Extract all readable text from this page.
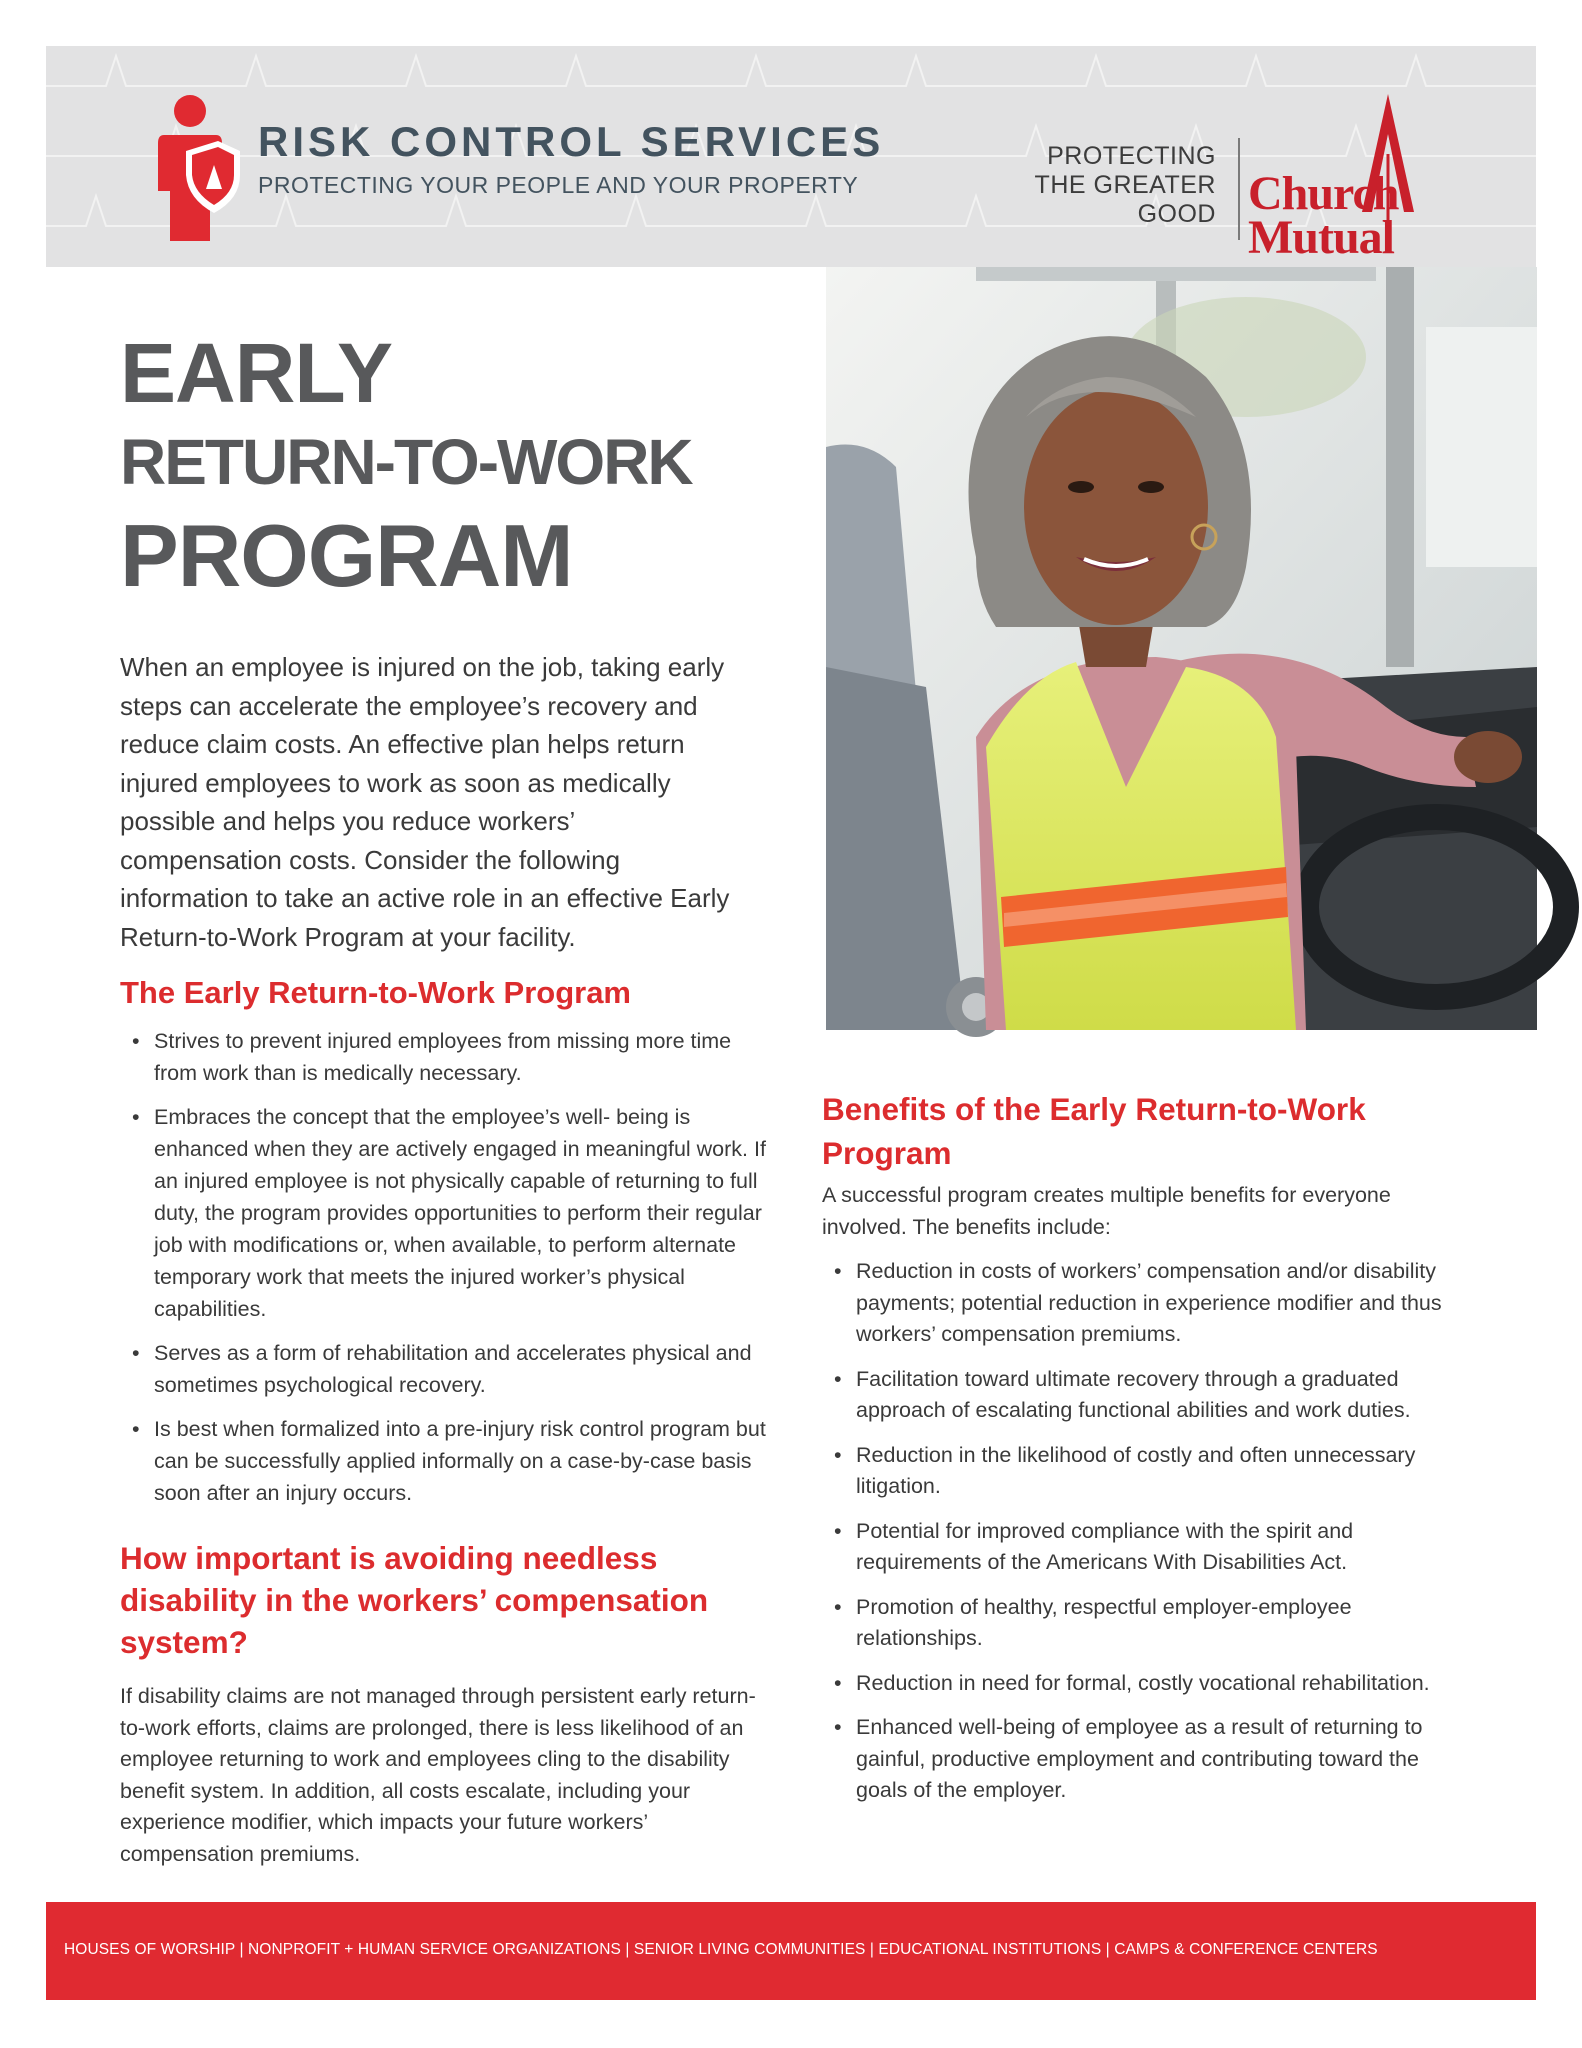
RISK CONTROL SERVICES
PROTECTING YOUR PEOPLE AND YOUR PROPERTY
PROTECTING
THE GREATER
GOOD Church
Mutual
EARLY
RETURN-TO-WORK
PROGRAM
When an employee is injured on the job, taking early steps can accelerate the employee’s recovery and reduce claim costs. An effective plan helps return injured employees to work as soon as medically possible and helps you reduce workers’ compensation costs. Consider the following information to take an active role in an effective Early Return-to-Work Program at your facility.
The Early Return-to-Work Program
• Strives to prevent injured employees from missing more time from work than is medically necessary.
• Embraces the concept that the employee’s well- being is enhanced when they are actively engaged in meaningful work. If an injured employee is not physically capable of returning to full duty, the program provides opportunities to perform their regular job with modifications or, when available, to perform alternate temporary work that meets the injured worker’s physical capabilities.
• Serves as a form of rehabilitation and accelerates physical and sometimes psychological recovery.
• Is best when formalized into a pre-injury risk control program but can be successfully applied informally on a case-by-case basis soon after an injury occurs.
How important is avoiding needless disability in the workers’ compensation system?
If disability claims are not managed through persistent early return-to-work efforts, claims are prolonged, there is less likelihood of an employee returning to work and employees cling to the disability benefit system. In addition, all costs escalate, including your experience modifier, which impacts your future workers’ compensation premiums.
Benefits of the Early Return-to-Work Program
A successful program creates multiple benefits for everyone involved. The benefits include:
• Reduction in costs of workers’ compensation and/or disability payments; potential reduction in experience modifier and thus workers’ compensation premiums.
• Facilitation toward ultimate recovery through a graduated approach of escalating functional abilities and work duties.
• Reduction in the likelihood of costly and often unnecessary litigation.
• Potential for improved compliance with the spirit and requirements of the Americans With Disabilities Act.
• Promotion of healthy, respectful employer-employee relationships.
• Reduction in need for formal, costly vocational rehabilitation.
• Enhanced well-being of employee as a result of returning to gainful, productive employment and contributing toward the goals of the employer.
HOUSES OF WORSHIP | NONPROFIT + HUMAN SERVICE ORGANIZATIONS | SENIOR LIVING COMMUNITIES | EDUCATIONAL INSTITUTIONS | CAMPS & CONFERENCE CENTERS
